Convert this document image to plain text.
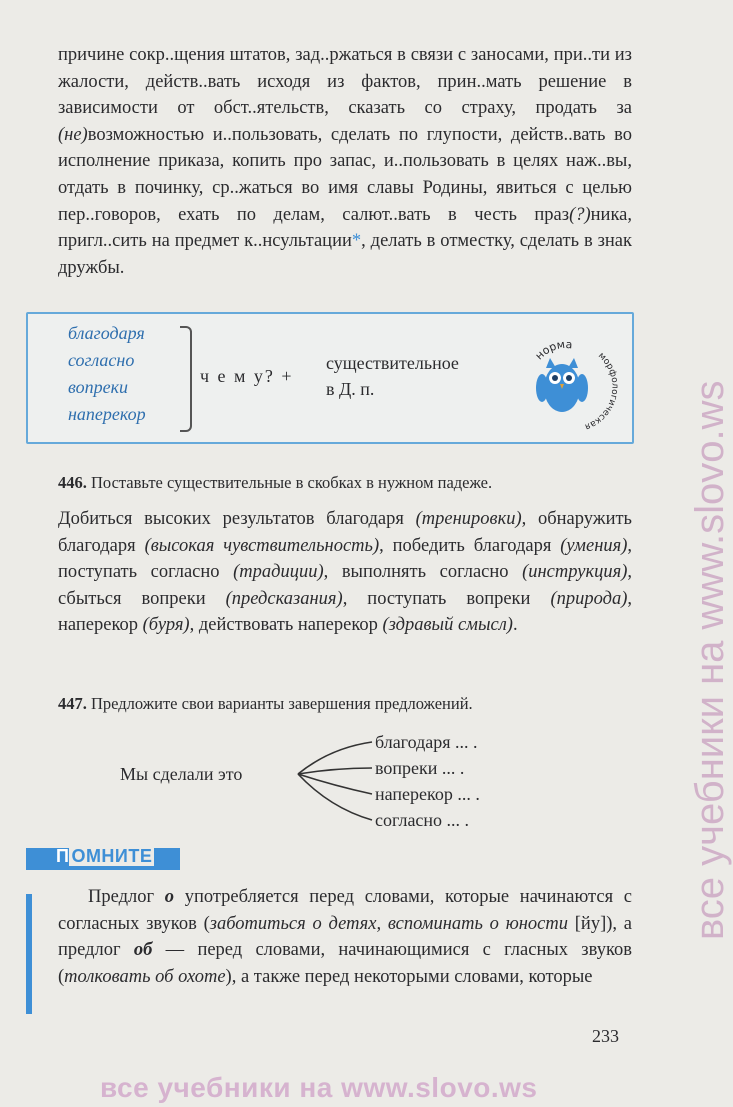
причине сокр..щения штатов, зад..ржаться в связи с заносами, при..ти из жалости, действ..вать исходя из фактов, прин..мать решение в зависимости от обст..ятельств, сказать со страху, продать за (не)возможностью и..пользовать, сделать по глупости, действ..вать во исполнение приказа, копить про запас, и..пользовать в целях наж..вы, отдать в починку, ср..жаться во имя славы Родины, явиться с целью пер..говоров, ехать по делам, салют..вать в честь праз(?)ника, пригл..сить на предмет к..нсультации*, делать в отместку, сделать в знак дружбы.

благодаря
согласно
вопреки
наперекор
ч е м у? +
существительное
в Д. п.
норма
морфологическая
446. Поставьте существительные в скобках в нужном падеже.

Добиться высоких результатов благодаря (тренировки), обнаружить благодаря (высокая чувствительность), победить благодаря (умения), поступать согласно (традиции), выполнять согласно (инструкция), сбыться вопреки (предсказания), поступать вопреки (природа), наперекор (буря), действовать наперекор (здравый смысл).

447. Предложите свои варианты завершения предложений.
Мы сделали это
благодаря ... .
вопреки ... .
наперекор ... .
согласно ... .
П ОМНИТЕ

Предлог о употребляется перед словами, которые начинаются с согласных звуков (заботиться о детях, вспоминать о юности [йу]), а предлог об — перед словами, начинающимися с гласных звуков (толковать об охоте), а также перед некоторыми словами, которые

233
все учебники на www.slovo.ws
все учебники на www.slovo.ws
